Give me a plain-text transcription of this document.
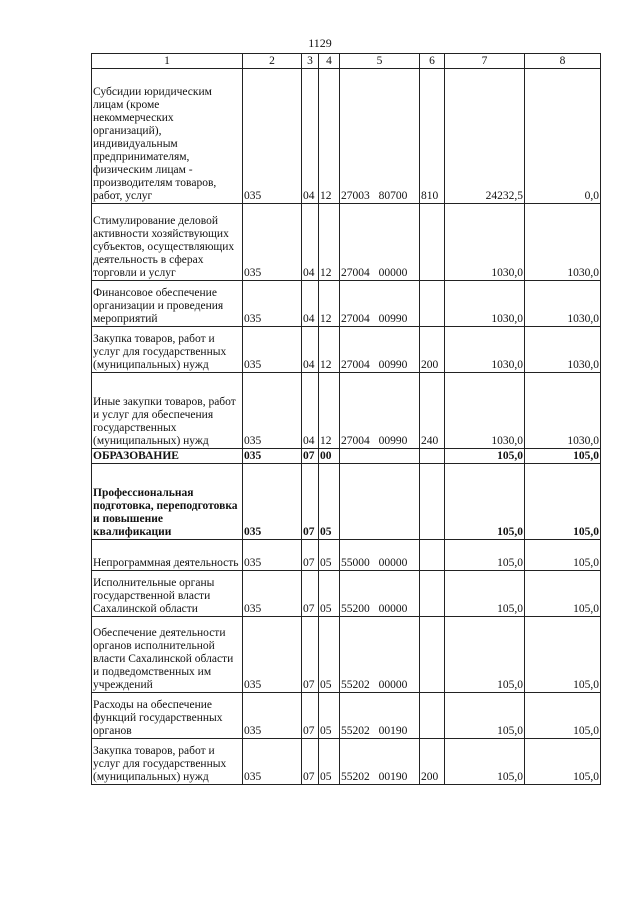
1129
1	2	3	4	5	6	7	8
Субсидии юридическим лицам (кроме некоммерческих организаций), индивидуальным предпринимателям, физическим лицам - производителям товаров, работ, услуг	035	04	12	27003 80700	810	24232,5	0,0
Стимулирование деловой активности хозяйствующих субъектов, осуществляющих деятельность в сферах торговли и услуг	035	04	12	27004 00000		1030,0	1030,0
Финансовое обеспечение организации и проведения мероприятий	035	04	12	27004 00990		1030,0	1030,0
Закупка товаров, работ и услуг для государственных (муниципальных) нужд	035	04	12	27004 00990	200	1030,0	1030,0
Иные закупки товаров, работ и услуг для обеспечения государственных (муниципальных) нужд	035	04	12	27004 00990	240	1030,0	1030,0
ОБРАЗОВАНИЕ	035	07	00			105,0	105,0
Профессиональная подготовка, переподготовка и повышение квалификации	035	07	05			105,0	105,0
Непрограммная деятельность	035	07	05	55000 00000		105,0	105,0
Исполнительные органы государственной власти Сахалинской области	035	07	05	55200 00000		105,0	105,0
Обеспечение деятельности органов исполнительной власти Сахалинской области и подведомственных им учреждений	035	07	05	55202 00000		105,0	105,0
Расходы на обеспечение функций государственных органов	035	07	05	55202 00190		105,0	105,0
Закупка товаров, работ и услуг для государственных (муниципальных) нужд	035	07	05	55202 00190	200	105,0	105,0
